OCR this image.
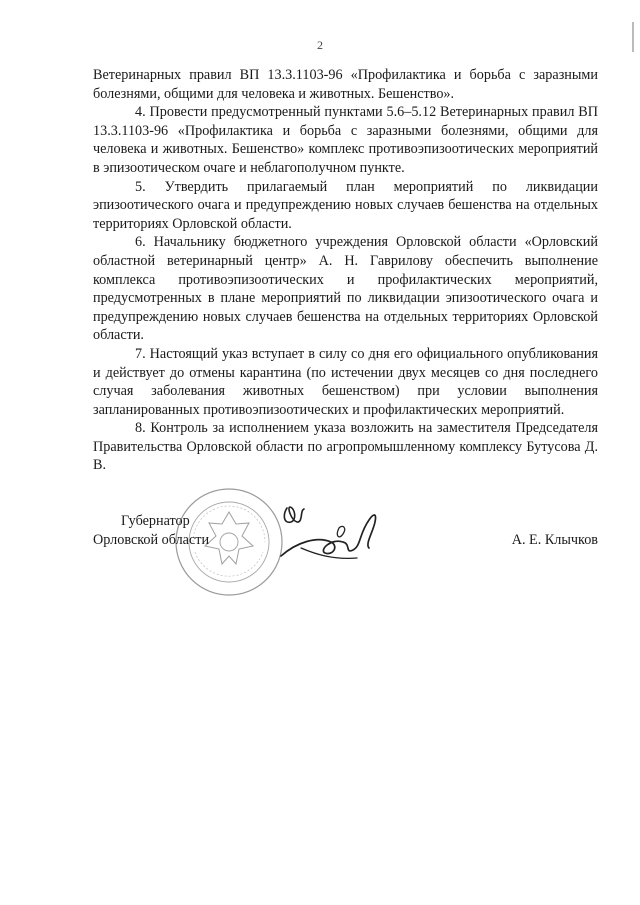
2

Ветеринарных правил ВП 13.3.1103-96 «Профилактика и борьба с заразными болезнями, общими для человека и животных. Бешенство».

4. Провести предусмотренный пунктами 5.6–5.12 Ветеринарных правил ВП 13.3.1103-96 «Профилактика и борьба с заразными болезнями, общими для человека и животных. Бешенство» комплекс противоэпизоотических мероприятий в эпизоотическом очаге и неблагополучном пункте.

5. Утвердить прилагаемый план мероприятий по ликвидации эпизоотического очага и предупреждению новых случаев бешенства на отдельных территориях Орловской области.

6. Начальнику бюджетного учреждения Орловской области «Орловский областной ветеринарный центр» А. Н. Гаврилову обеспечить выполнение комплекса противоэпизоотических и профилактических мероприятий, предусмотренных в плане мероприятий по ликвидации эпизоотического очага и предупреждению новых случаев бешенства на отдельных территориях Орловской области.

7. Настоящий указ вступает в силу со дня его официального опубликования и действует до отмены карантина (по истечении двух месяцев со дня последнего случая заболевания животных бешенством) при условии выполнения запланированных противоэпизоотических и профилактических мероприятий.

8. Контроль за исполнением указа возложить на заместителя Председателя Правительства Орловской области по агропромышленному комплексу Бутусова Д. В.

Губернатор
Орловской области	А. Е. Клычков
